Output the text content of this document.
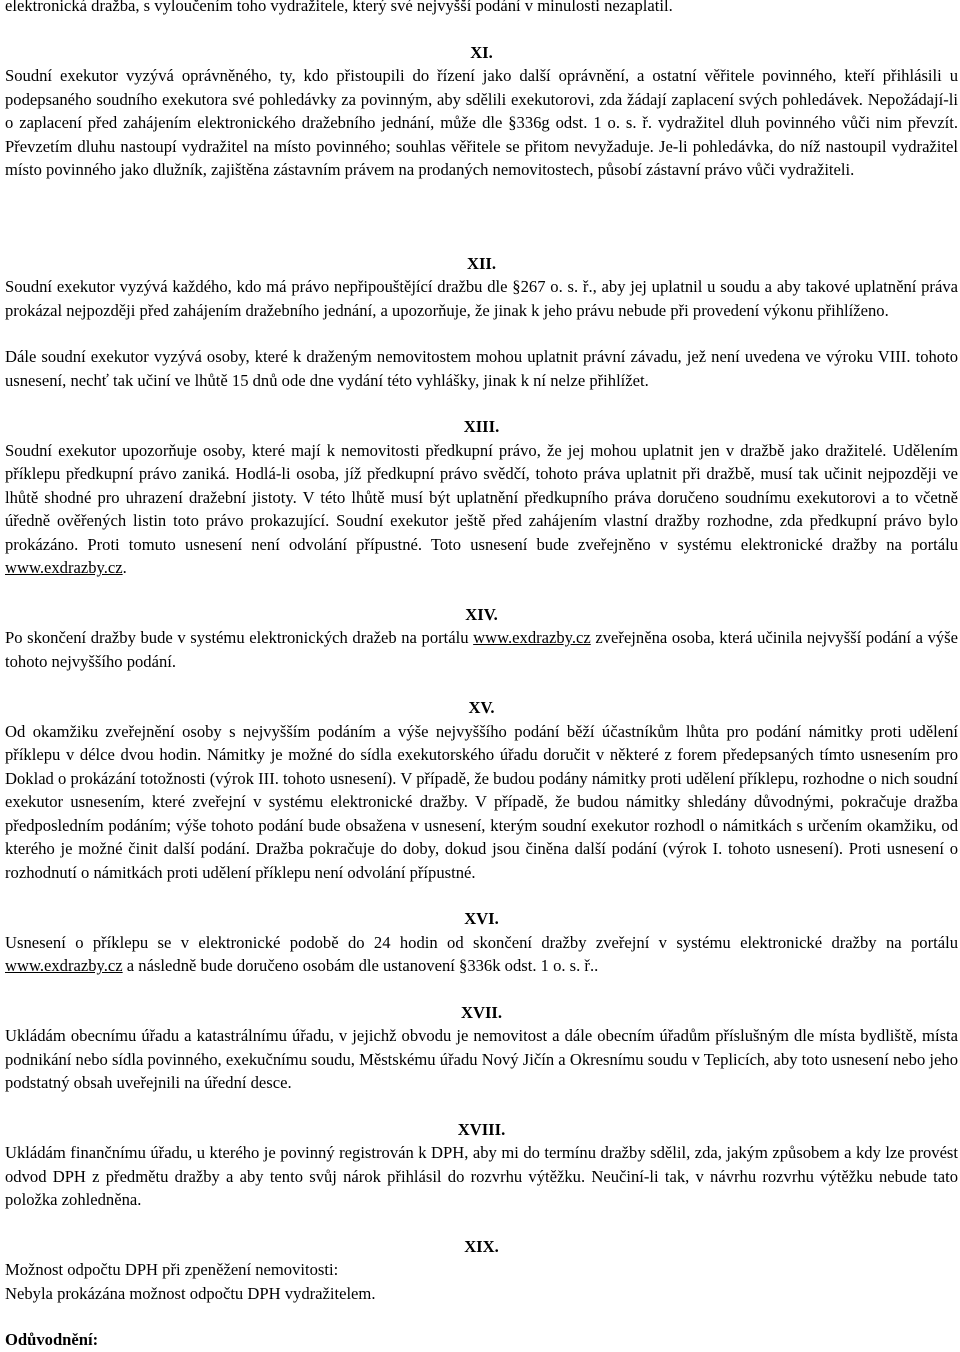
elektronická dražba, s vyloučením toho vydražitele, který své nejvyšší podání v minulosti nezaplatil.

XI.

Soudní exekutor vyzývá oprávněného, ty, kdo přistoupili do řízení jako další oprávnění, a ostatní věřitele povinného, kteří přihlásili u podepsaného soudního exekutora své pohledávky za povinným, aby sdělili exekutorovi, zda žádají zaplacení svých pohledávek. Nepožádají-li o zaplacení před zahájením elektronického dražebního jednání, může dle §336g odst. 1 o. s. ř. vydražitel dluh povinného vůči nim převzít. Převzetím dluhu nastoupí vydražitel na místo povinného; souhlas věřitele se přitom nevyžaduje. Je-li pohledávka, do níž nastoupil vydražitel místo povinného jako dlužník, zajištěna zástavním právem na prodaných nemovitostech, působí zástavní právo vůči vydražiteli.

XII.

Soudní exekutor vyzývá každého, kdo má právo nepřipouštějící dražbu dle §267 o. s. ř., aby jej uplatnil u soudu a aby takové uplatnění práva prokázal nejpozději před zahájením dražebního jednání, a upozorňuje, že jinak k jeho právu nebude při provedení výkonu přihlíženo.

Dále soudní exekutor vyzývá osoby, které k draženým nemovitostem mohou uplatnit právní závadu, jež není uvedena ve výroku VIII. tohoto usnesení, nechť tak učiní ve lhůtě 15 dnů ode dne vydání této vyhlášky, jinak k ní nelze přihlížet.

XIII.

Soudní exekutor upozorňuje osoby, které mají k nemovitosti předkupní právo, že jej mohou uplatnit jen v dražbě jako dražitelé. Udělením příklepu předkupní právo zaniká. Hodlá-li osoba, jíž předkupní právo svědčí, tohoto práva uplatnit při dražbě, musí tak učinit nejpozději ve lhůtě shodné pro uhrazení dražební jistoty. V této lhůtě musí být uplatnění předkupního práva doručeno soudnímu exekutorovi a to včetně úředně ověřených listin toto právo prokazující. Soudní exekutor ještě před zahájením vlastní dražby rozhodne, zda předkupní právo bylo prokázáno. Proti tomuto usnesení není odvolání přípustné. Toto usnesení bude zveřejněno v systému elektronické dražby na portálu www.exdrazby.cz.

XIV.

Po skončení dražby bude v systému elektronických dražeb na portálu www.exdrazby.cz zveřejněna osoba, která učinila nejvyšší podání a výše tohoto nejvyššího podání.

XV.

Od okamžiku zveřejnění osoby s nejvyšším podáním a výše nejvyššího podání běží účastníkům lhůta pro podání námitky proti udělení příklepu v délce dvou hodin. Námitky je možné do sídla exekutorského úřadu doručit v některé z forem předepsaných tímto usnesením pro Doklad o prokázání totožnosti (výrok III. tohoto usnesení). V případě, že budou podány námitky proti udělení příklepu, rozhodne o nich soudní exekutor usnesením, které zveřejní v systému elektronické dražby. V případě, že budou námitky shledány důvodnými, pokračuje dražba předposledním podáním; výše tohoto podání bude obsažena v usnesení, kterým soudní exekutor rozhodl o námitkách s určením okamžiku, od kterého je možné činit další podání. Dražba pokračuje do doby, dokud jsou činěna další podání (výrok I. tohoto usnesení). Proti usnesení o rozhodnutí o námitkách proti udělení příklepu není odvolání přípustné.

XVI.

Usnesení o příklepu se v elektronické podobě do 24 hodin od skončení dražby zveřejní v systému elektronické dražby na portálu www.exdrazby.cz a následně bude doručeno osobám dle ustanovení §336k odst. 1 o. s. ř..

XVII.

Ukládám obecnímu úřadu a katastrálnímu úřadu, v jejichž obvodu je nemovitost a dále obecním úřadům příslušným dle místa bydliště, místa podnikání nebo sídla povinného, exekučnímu soudu, Městskému úřadu Nový Jičín a Okresnímu soudu v Teplicích, aby toto usnesení nebo jeho podstatný obsah uveřejnili na úřední desce.

XVIII.

Ukládám finančnímu úřadu, u kterého je povinný registrován k DPH, aby mi do termínu dražby sdělil, zda, jakým způsobem a kdy lze provést odvod DPH z předmětu dražby a aby tento svůj nárok přihlásil do rozvrhu výtěžku. Neučiní-li tak, v návrhu rozvrhu výtěžku nebude tato položka zohledněna.

XIX.

Možnost odpočtu DPH při zpeněžení nemovitosti:

Nebyla prokázána možnost odpočtu DPH vydražitelem.

Odůvodnění:
